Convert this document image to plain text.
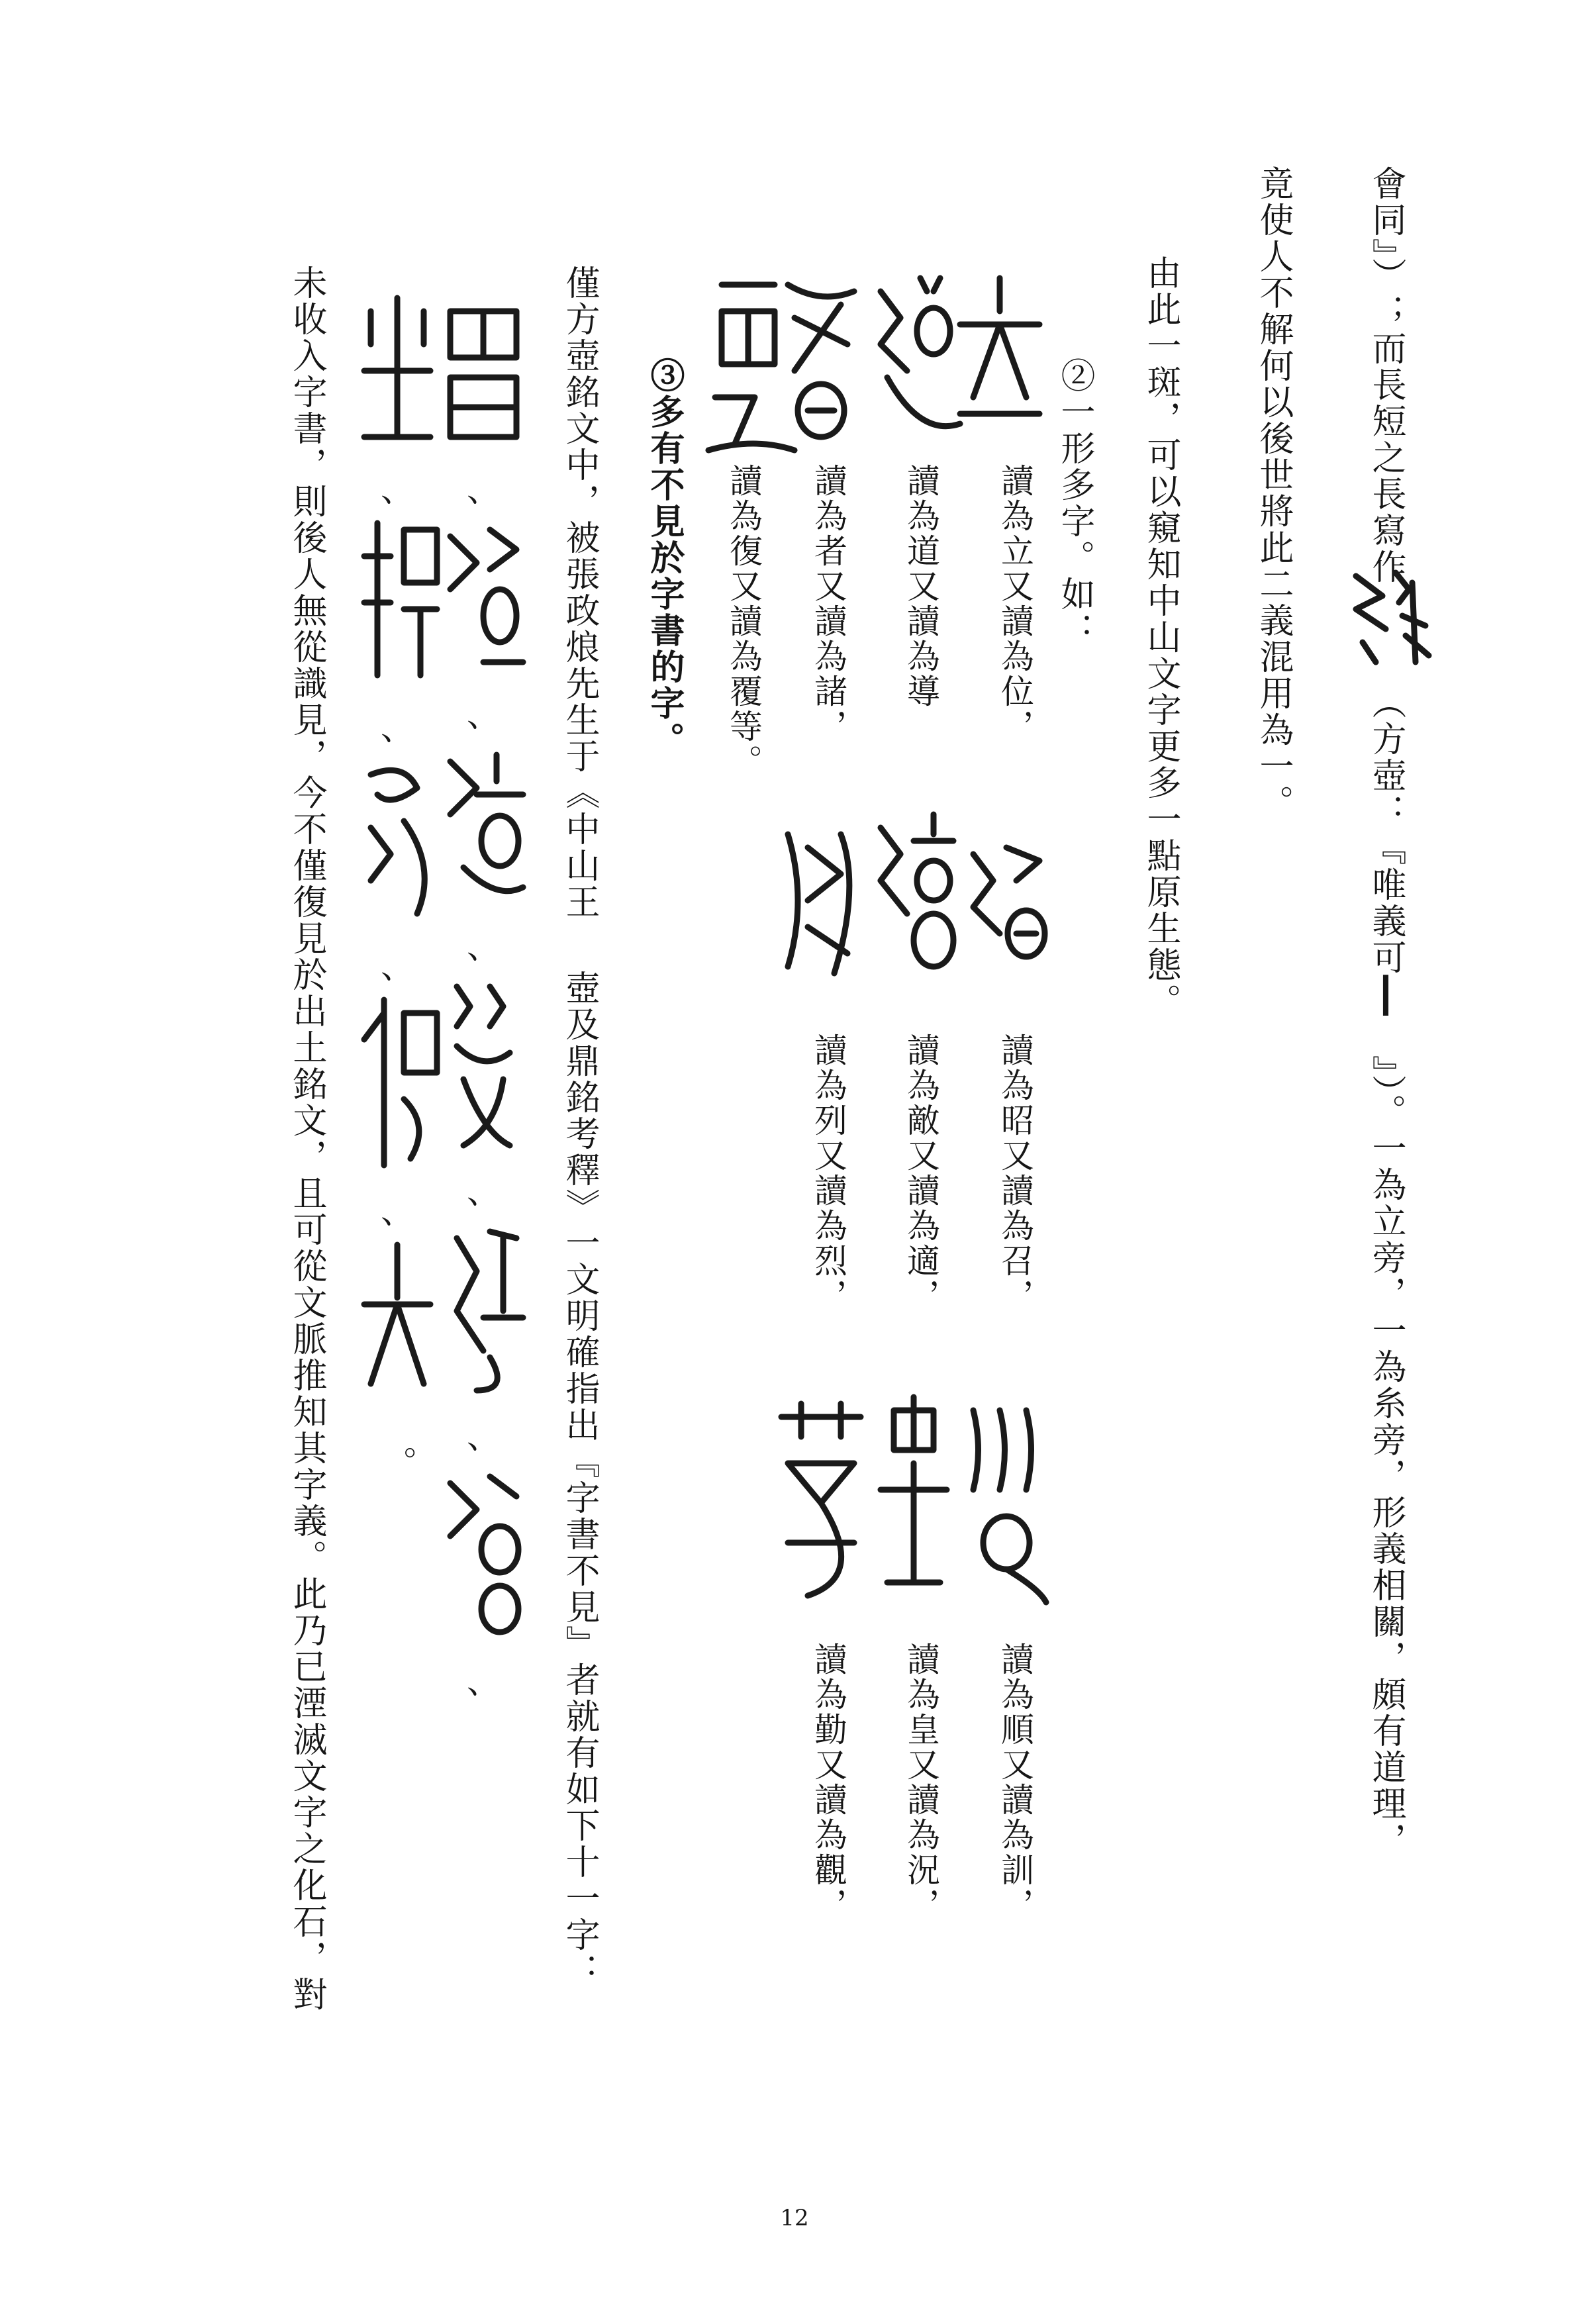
會同』）；而長短之長寫作（方壺：『唯義可┃』）。一為立旁，一為糸旁，形義相關，頗有道理，
竟使人不解何以後世將此二義混用為一。
由此一斑，可以窺知中山文字更多一點原生態。
②一形多字。如：
讀為立又讀為位，
讀為昭又讀為召，
讀為順又讀為訓，
讀為道又讀為導
讀為敵又讀為適，
讀為皇又讀為況，
讀為者又讀為諸，
讀為列又讀為烈，
讀為勤又讀為觀，
讀為復又讀為覆等。
③多有不見於字書的字。
僅方壺銘文中，被張政烺先生于《中山王壺及鼎銘考釋》一文明確指出『字書不見』者就有如下十一字：
、
、
、
、
、
、
、
、
、
、
。
未收入字書，則後人無從識見，今不僅復見於出土銘文，且可從文脈推知其字義。此乃已湮滅文字之化石，對
12
